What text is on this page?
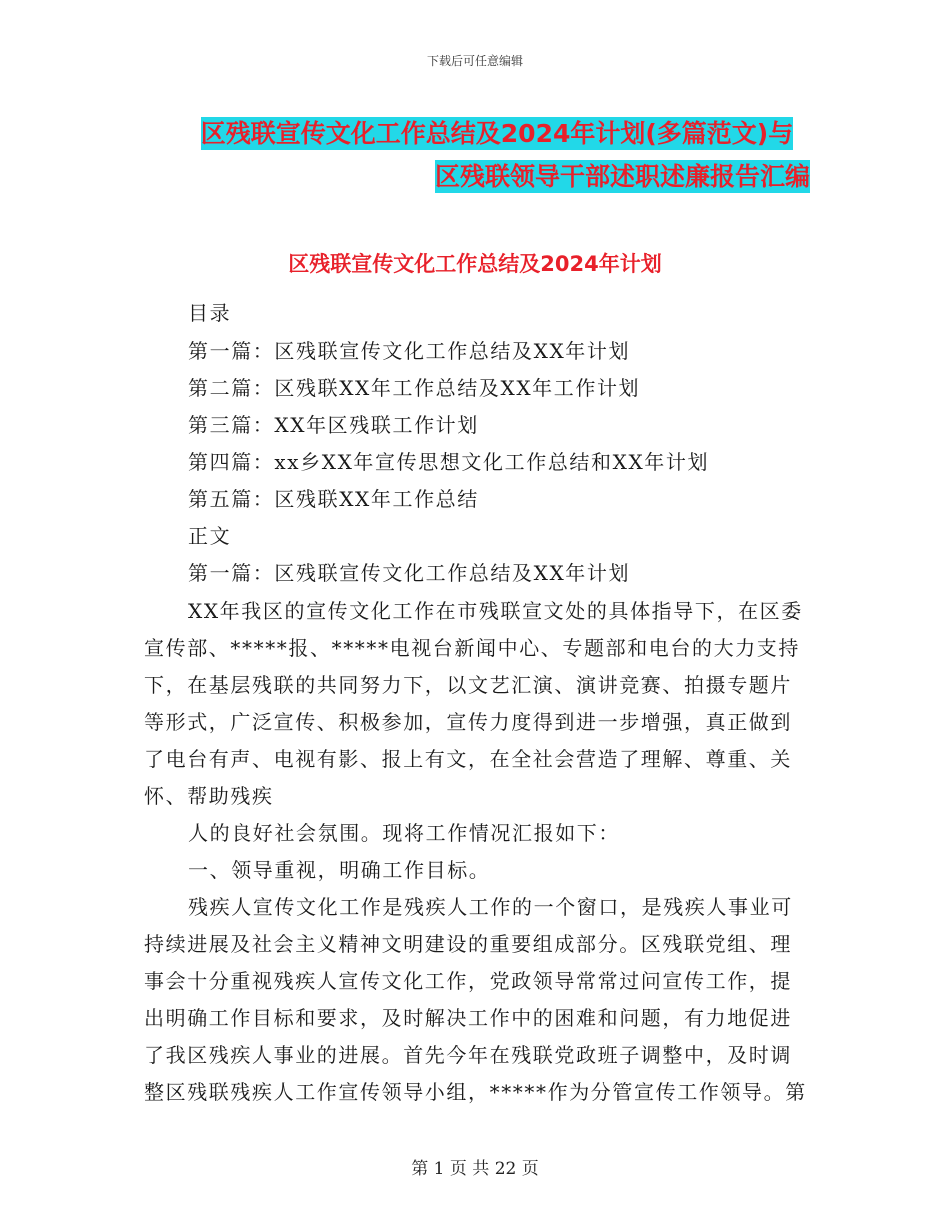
下载后可任意编辑
区残联宣传文化工作总结及2024年计划(多篇范文)与
区残联领导干部述职述廉报告汇编
区残联宣传文化工作总结及2024年计划
目录
第一篇：区残联宣传文化工作总结及XX年计划
第二篇：区残联XX年工作总结及XX年工作计划
第三篇：XX年区残联工作计划
第四篇：xx乡XX年宣传思想文化工作总结和XX年计划
第五篇：区残联XX年工作总结
正文
第一篇：区残联宣传文化工作总结及XX年计划
XX年我区的宣传文化工作在市残联宣文处的具体指导下，在区委
宣传部、*****报、*****电视台新闻中心、专题部和电台的大力支持
下，在基层残联的共同努力下，以文艺汇演、演讲竞赛、拍摄专题片
等形式，广泛宣传、积极参加，宣传力度得到进一步增强，真正做到
了电台有声、电视有影、报上有文，在全社会营造了理解、尊重、关
怀、帮助残疾
人的良好社会氛围。现将工作情况汇报如下：
一、领导重视，明确工作目标。
残疾人宣传文化工作是残疾人工作的一个窗口，是残疾人事业可
持续进展及社会主义精神文明建设的重要组成部分。区残联党组、理
事会十分重视残疾人宣传文化工作，党政领导常常过问宣传工作，提
出明确工作目标和要求，及时解决工作中的困难和问题，有力地促进
了我区残疾人事业的进展。首先今年在残联党政班子调整中，及时调
整区残联残疾人工作宣传领导小组，*****作为分管宣传工作领导。第
第 1 页 共 22 页
